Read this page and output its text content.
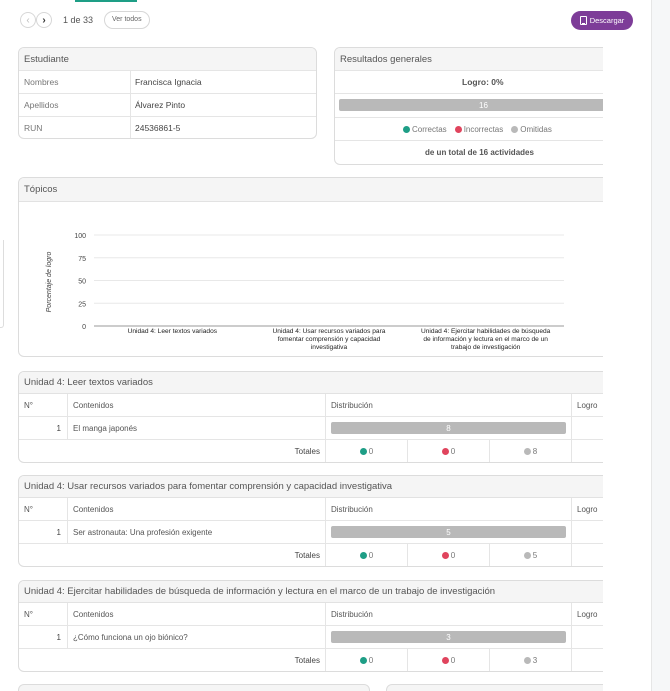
‹ › 1 de 33	Ver todos	Descargar
Estudiante
Nombres	Francisca Ignacia
Apellidos	Álvarez Pinto
RUN	24536861-5
Resultados generales
Logro: 0%
16
Correctas	Incorrectas	Omitidas
de un total de 16 actividades
Tópicos
100
75
50
25
0
Porcentaje de logro
Unidad 4: Leer textos variados	Unidad 4: Usar recursos variados para
fomentar comprensión y capacidad
investigativa
Unidad 4: Ejercitar habilidades de búsqueda
de información y lectura en el marco de un
trabajo de investigación
Unidad 4: Leer textos variados
N°	Contenidos	Distribución	Logro
1	El manga japonés	8
Totales	0	0	8
Unidad 4: Usar recursos variados para fomentar comprensión y capacidad investigativa
N°	Contenidos	Distribución	Logro
1	Ser astronauta: Una profesión exigente	5
Totales	0	0	5
Unidad 4: Ejercitar habilidades de búsqueda de información y lectura en el marco de un trabajo de investigación
N°	Contenidos	Distribución	Logro
1	¿Cómo funciona un ojo biónico?	3
Totales	0	0	3
